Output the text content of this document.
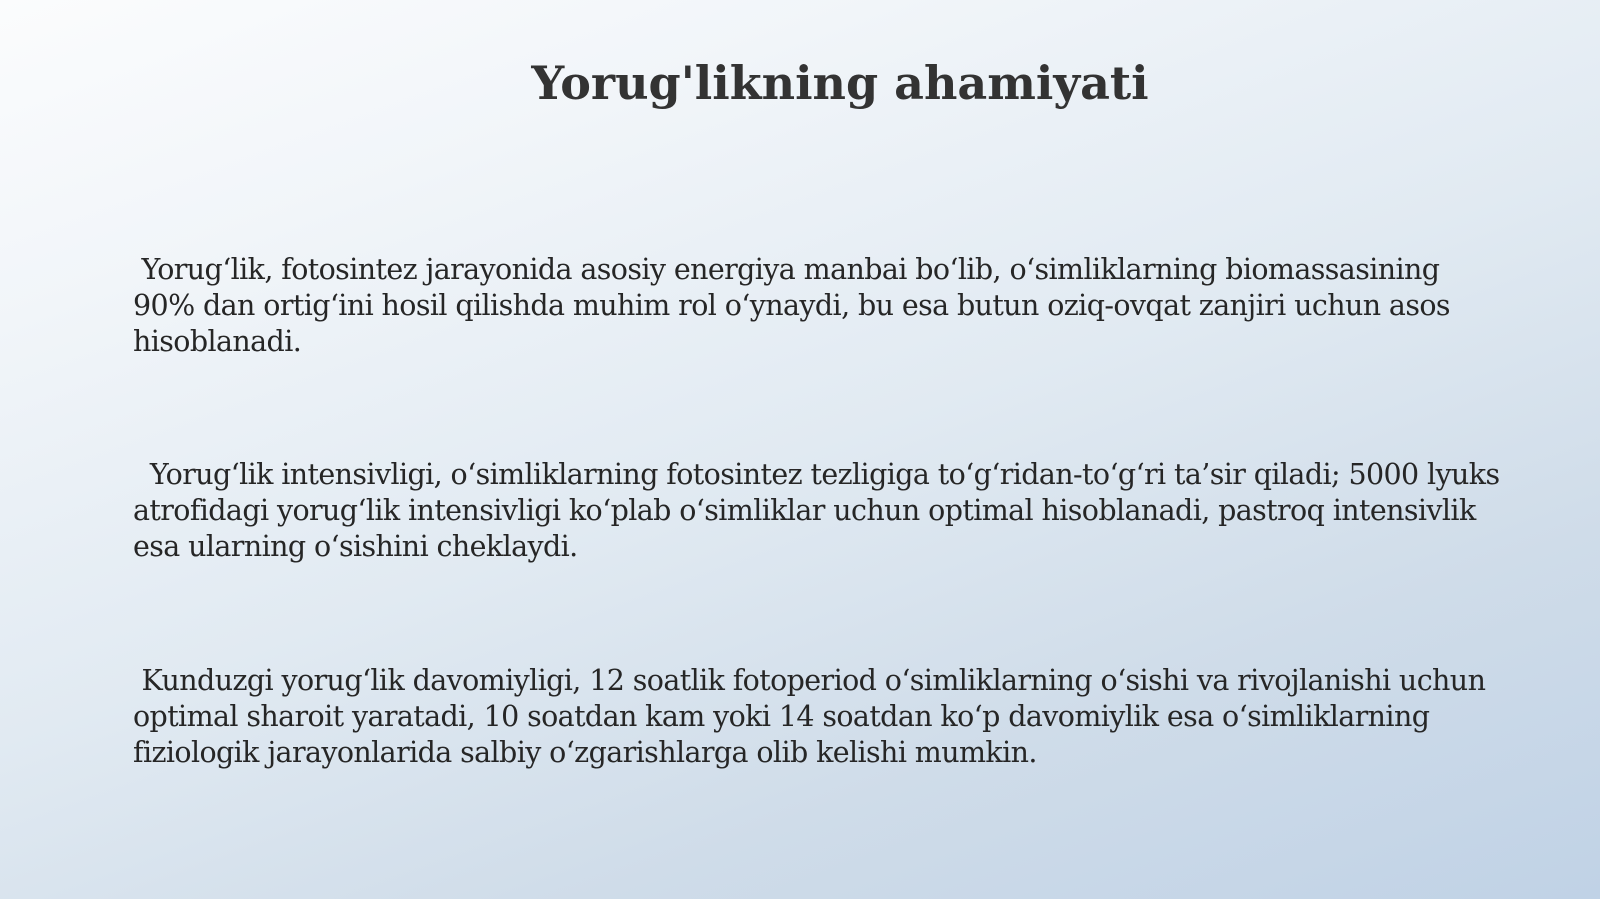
Yorug'likning ahamiyati

Yorug‘lik, fotosintez jarayonida asosiy energiya manbai bo‘lib, o‘simliklarning biomassasining 90% dan ortig‘ini hosil qilishda muhim rol o‘ynaydi, bu esa butun oziq-ovqat zanjiri uchun asos hisoblanadi.

Yorug‘lik intensivligi, o‘simliklarning fotosintez tezligiga to‘g‘ridan-to‘g‘ri ta’sir qiladi; 5000 lyuks atrofidagi yorug‘lik intensivligi ko‘plab o‘simliklar uchun optimal hisoblanadi, pastroq intensivlik esa ularning o‘sishini cheklaydi.

Kunduzgi yorug‘lik davomiyligi, 12 soatlik fotoperiod o‘simliklarning o‘sishi va rivojlanishi uchun optimal sharoit yaratadi, 10 soatdan kam yoki 14 soatdan ko‘p davomiylik esa o‘simliklarning fiziologik jarayonlarida salbiy o‘zgarishlarga olib kelishi mumkin.
